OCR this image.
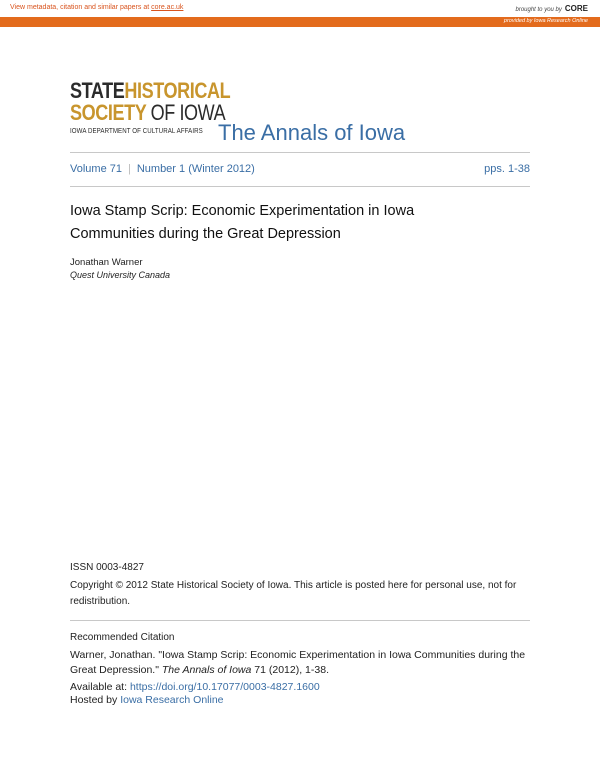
View metadata, citation and similar papers at core.ac.uk	brought to you by CORE
provided by Iowa Research Online
STATEHISTORICAL
SOCIETY OF IOWA
IOWA DEPARTMENT OF CULTURAL AFFAIRS The Annals of Iowa
Volume 71 | Number 1 (Winter 2012)	pps. 1-38
Iowa Stamp Scrip: Economic Experimentation in Iowa Communities during the Great Depression
Jonathan Warner
Quest University Canada
ISSN 0003-4827
Copyright © 2012 State Historical Society of Iowa. This article is posted here for personal use, not for redistribution.
Recommended Citation
Warner, Jonathan. "Iowa Stamp Scrip: Economic Experimentation in Iowa Communities during the Great Depression." The Annals of Iowa 71 (2012), 1-38.
Available at: https://doi.org/10.17077/0003-4827.1600
Hosted by Iowa Research Online
